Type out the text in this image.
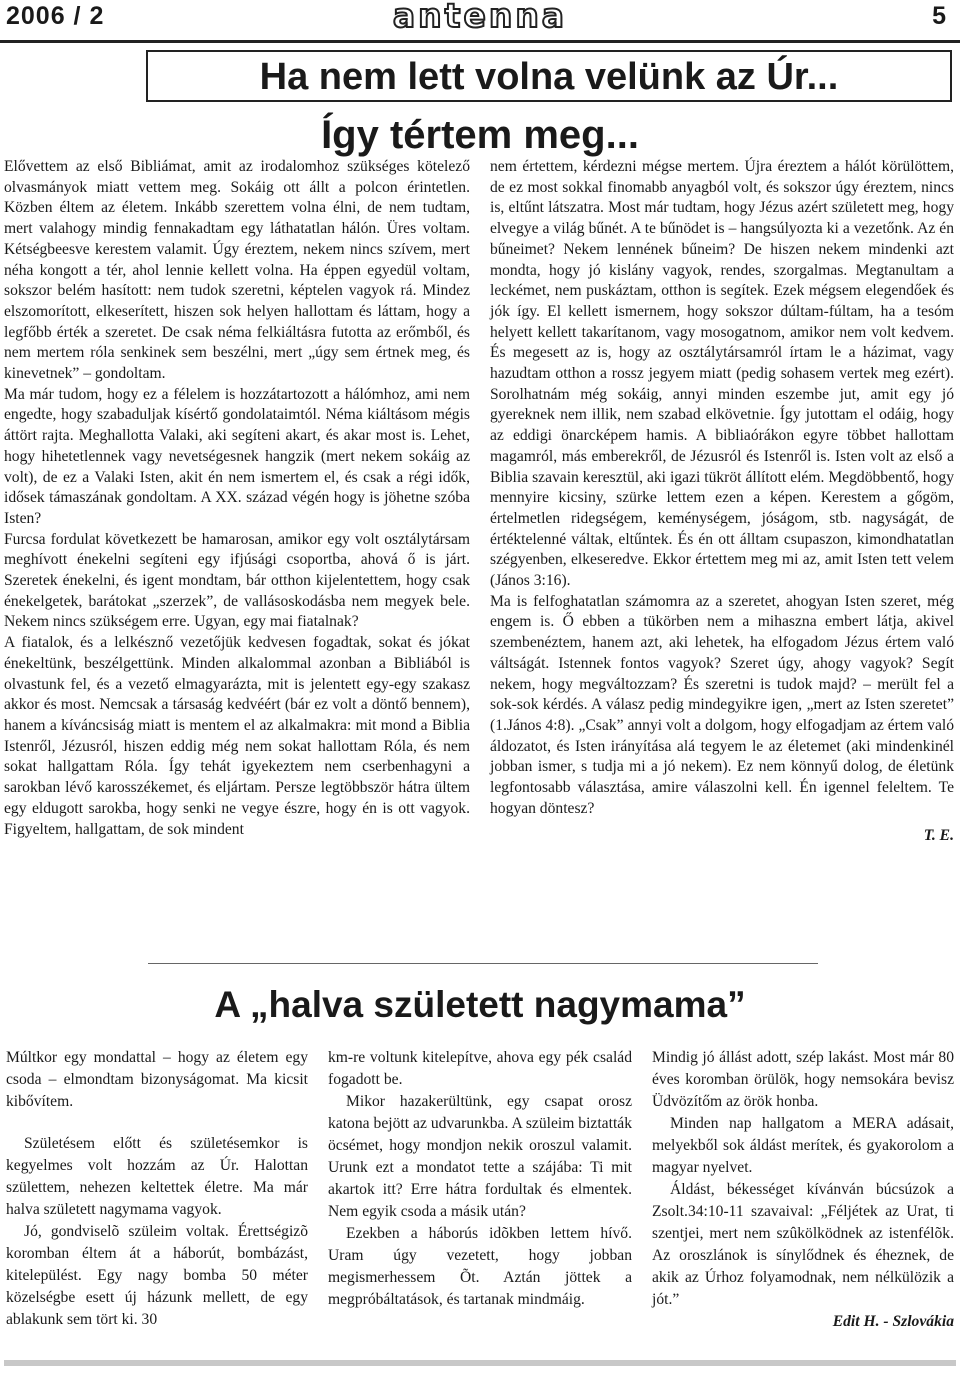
2006 / 2	antenna	5
Ha nem lett volna velünk az Úr...
Így tértem meg...

Elővettem az első Bibliámat, amit az irodalomhoz szükséges kötelező olvasmányok miatt vettem meg. Sokáig ott állt a polcon érintetlen. Közben éltem az életem. Inkább szerettem volna élni, de nem tudtam, mert valahogy mindig fennakadtam egy láthatatlan hálón. Üres voltam. Kétségbeesve kerestem valamit. Úgy éreztem, nekem nincs szívem, mert néha kongott a tér, ahol lennie kellett volna. Ha éppen egyedül voltam, sokszor belém hasított: nem tudok szeretni, képtelen vagyok rá. Mindez elszomorított, elkeserített, hiszen sok helyen hallottam és láttam, hogy a legfőbb érték a szeretet. De csak néma felkiáltásra futotta az erőmből, és nem mertem róla senkinek sem beszélni, mert „úgy sem értnek meg, és kinevetnek” – gondoltam.

Ma már tudom, hogy ez a félelem is hozzátartozott a hálómhoz, ami nem engedte, hogy szabaduljak kísértő gondolataimtól. Néma kiáltásom mégis áttört rajta. Meghallotta Valaki, aki segíteni akart, és akar most is. Lehet, hogy hihetetlennek vagy nevetségesnek hangzik (mert nekem sokáig az volt), de ez a Valaki Isten, akit én nem ismertem el, és csak a régi idők, idősek támaszának gondoltam. A XX. század végén hogy is jöhetne szóba Isten?

Furcsa fordulat következett be hamarosan, amikor egy volt osztálytársam meghívott énekelni segíteni egy ifjúsági csoportba, ahová ő is járt. Szeretek énekelni, és igent mondtam, bár otthon kijelentettem, hogy csak énekelgetek, barátokat „szerzek”, de vallásoskodásba nem megyek bele. Nekem nincs szükségem erre. Ugyan, egy mai fiatalnak?

A fiatalok, és a lelkésznő vezetőjük kedvesen fogadtak, sokat és jókat énekeltünk, beszélgettünk. Minden alkalommal azonban a Bibliából is olvastunk fel, és a vezető elmagyarázta, mit is jelentett egy-egy szakasz akkor és most. Nemcsak a társaság kedvéért (bár ez volt a döntő bennem), hanem a kíváncsiság miatt is mentem el az alkalmakra: mit mond a Biblia Istenről, Jézusról, hiszen eddig még nem sokat hallottam Róla, és nem sokat hallgattam Róla. Így tehát igyekeztem nem cserbenhagyni a sarokban lévő karosszékemet, és eljártam. Persze legtöbbször hátra ültem egy eldugott sarokba, hogy senki ne vegye észre, hogy én is ott vagyok. Figyeltem, hallgattam, de sok mindent

nem értettem, kérdezni mégse mertem. Újra éreztem a hálót körülöttem, de ez most sokkal finomabb anyagból volt, és sokszor úgy éreztem, nincs is, eltűnt látszatra. Most már tudtam, hogy Jézus azért született meg, hogy elvegye a világ bűnét. A te bűnödet is – hangsúlyozta ki a vezetőnk. Az én bűneimet? Nekem lennének bűneim? De hiszen nekem mindenki azt mondta, hogy jó kislány vagyok, rendes, szorgalmas. Megtanultam a leckémet, nem puskáztam, otthon is segítek. Ezek mégsem elegendőek és jók így. El kellett ismernem, hogy sokszor dúltam-fúltam, ha a tesóm helyett kellett takarítanom, vagy mosogatnom, amikor nem volt kedvem. És megesett az is, hogy az osztálytársamról írtam le a házimat, vagy hazudtam otthon a rossz jegyem miatt (pedig sohasem vertek meg ezért). Sorolhatnám még sokáig, annyi minden eszembe jut, amit egy jó gyereknek nem illik, nem szabad elkövetnie. Így jutottam el odáig, hogy az eddigi önarcképem hamis. A bibliaórákon egyre többet hallottam magamról, más emberekről, de Jézusról és Istenről is. Isten volt az első a Biblia szavain keresztül, aki igazi tükröt állított elém. Megdöbbentő, hogy mennyire kicsiny, szürke lettem ezen a képen. Kerestem a gőgöm, értelmetlen ridegségem, keménységem, jóságom, stb. nagyságát, de értéktelenné váltak, eltűntek. És én ott álltam csupaszon, kimondhatatlan szégyenben, elkeseredve. Ekkor értettem meg mi az, amit Isten tett velem (János 3:16).

Ma is felfoghatatlan számomra az a szeretet, ahogyan Isten szeret, még engem is. Ő ebben a tükörben nem a mihaszna embert látja, akivel szembenéztem, hanem azt, aki lehetek, ha elfogadom Jézus értem való váltságát. Istennek fontos vagyok? Szeret úgy, ahogy vagyok? Segít nekem, hogy megváltozzam? És szeretni is tudok majd? – merült fel a sok-sok kérdés. A válasz pedig mindegyikre igen, „mert az Isten szeretet” (1.János 4:8). „Csak” annyi volt a dolgom, hogy elfogadjam az értem való áldozatot, és Isten irányítása alá tegyem le az életemet (aki mindenkinél jobban ismer, s tudja mi a jó nekem). Ez nem könnyű dolog, de életünk legfontosabb választása, amire válaszolni kell. Én igennel feleltem. Te hogyan döntesz?

T. E.

A „halva született nagymama”

Múltkor egy mondattal – hogy az életem egy csoda – elmondtam bizonyságomat. Ma kicsit kibővítem.

Születésem előtt és születésemkor is kegyelmes volt hozzám az Úr. Halottan születtem, nehezen keltettek életre. Ma már halva született nagymama vagyok.

Jó, gondviselõ szüleim voltak. Érettségizõ koromban éltem át a háborút, bombázást, kitelepülést. Egy nagy bomba 50 méter közelségbe esett új házunk mellett, de egy ablakunk sem tört ki. 30

km-re voltunk kitelepítve, ahova egy pék család fogadott be.

Mikor hazakerültünk, egy csapat orosz katona bejött az udvarunkba. A szüleim biztatták öcsémet, hogy mondjon nekik oroszul valamit. Urunk ezt a mondatot tette a szájába: Ti mit akartok itt? Erre hátra fordultak és elmentek. Nem egyik csoda a másik után?

Ezekben a háborús idõkben lettem hívő. Uram úgy vezetett, hogy jobban megismerhessem Õt. Aztán jöttek a megpróbáltatások, és tartanak mindmáig.

Mindig jó állást adott, szép lakást. Most már 80 éves koromban örülök, hogy nemsokára bevisz Üdvözítőm az örök honba.

Minden nap hallgatom a MERA adásait, melyekből sok áldást merítek, és gyakorolom a magyar nyelvet.

Áldást, békességet kívánván búcsúzok a Zsolt.34:10-11 szavaival: „Féljétek az Urat, ti szentjei, mert nem szûkölködnek az istenfélõk. Az oroszlánok is sínylődnek és éheznek, de akik az Úrhoz folyamodnak, nem nélkülözik a jót.”

Edit H. - Szlovákia
